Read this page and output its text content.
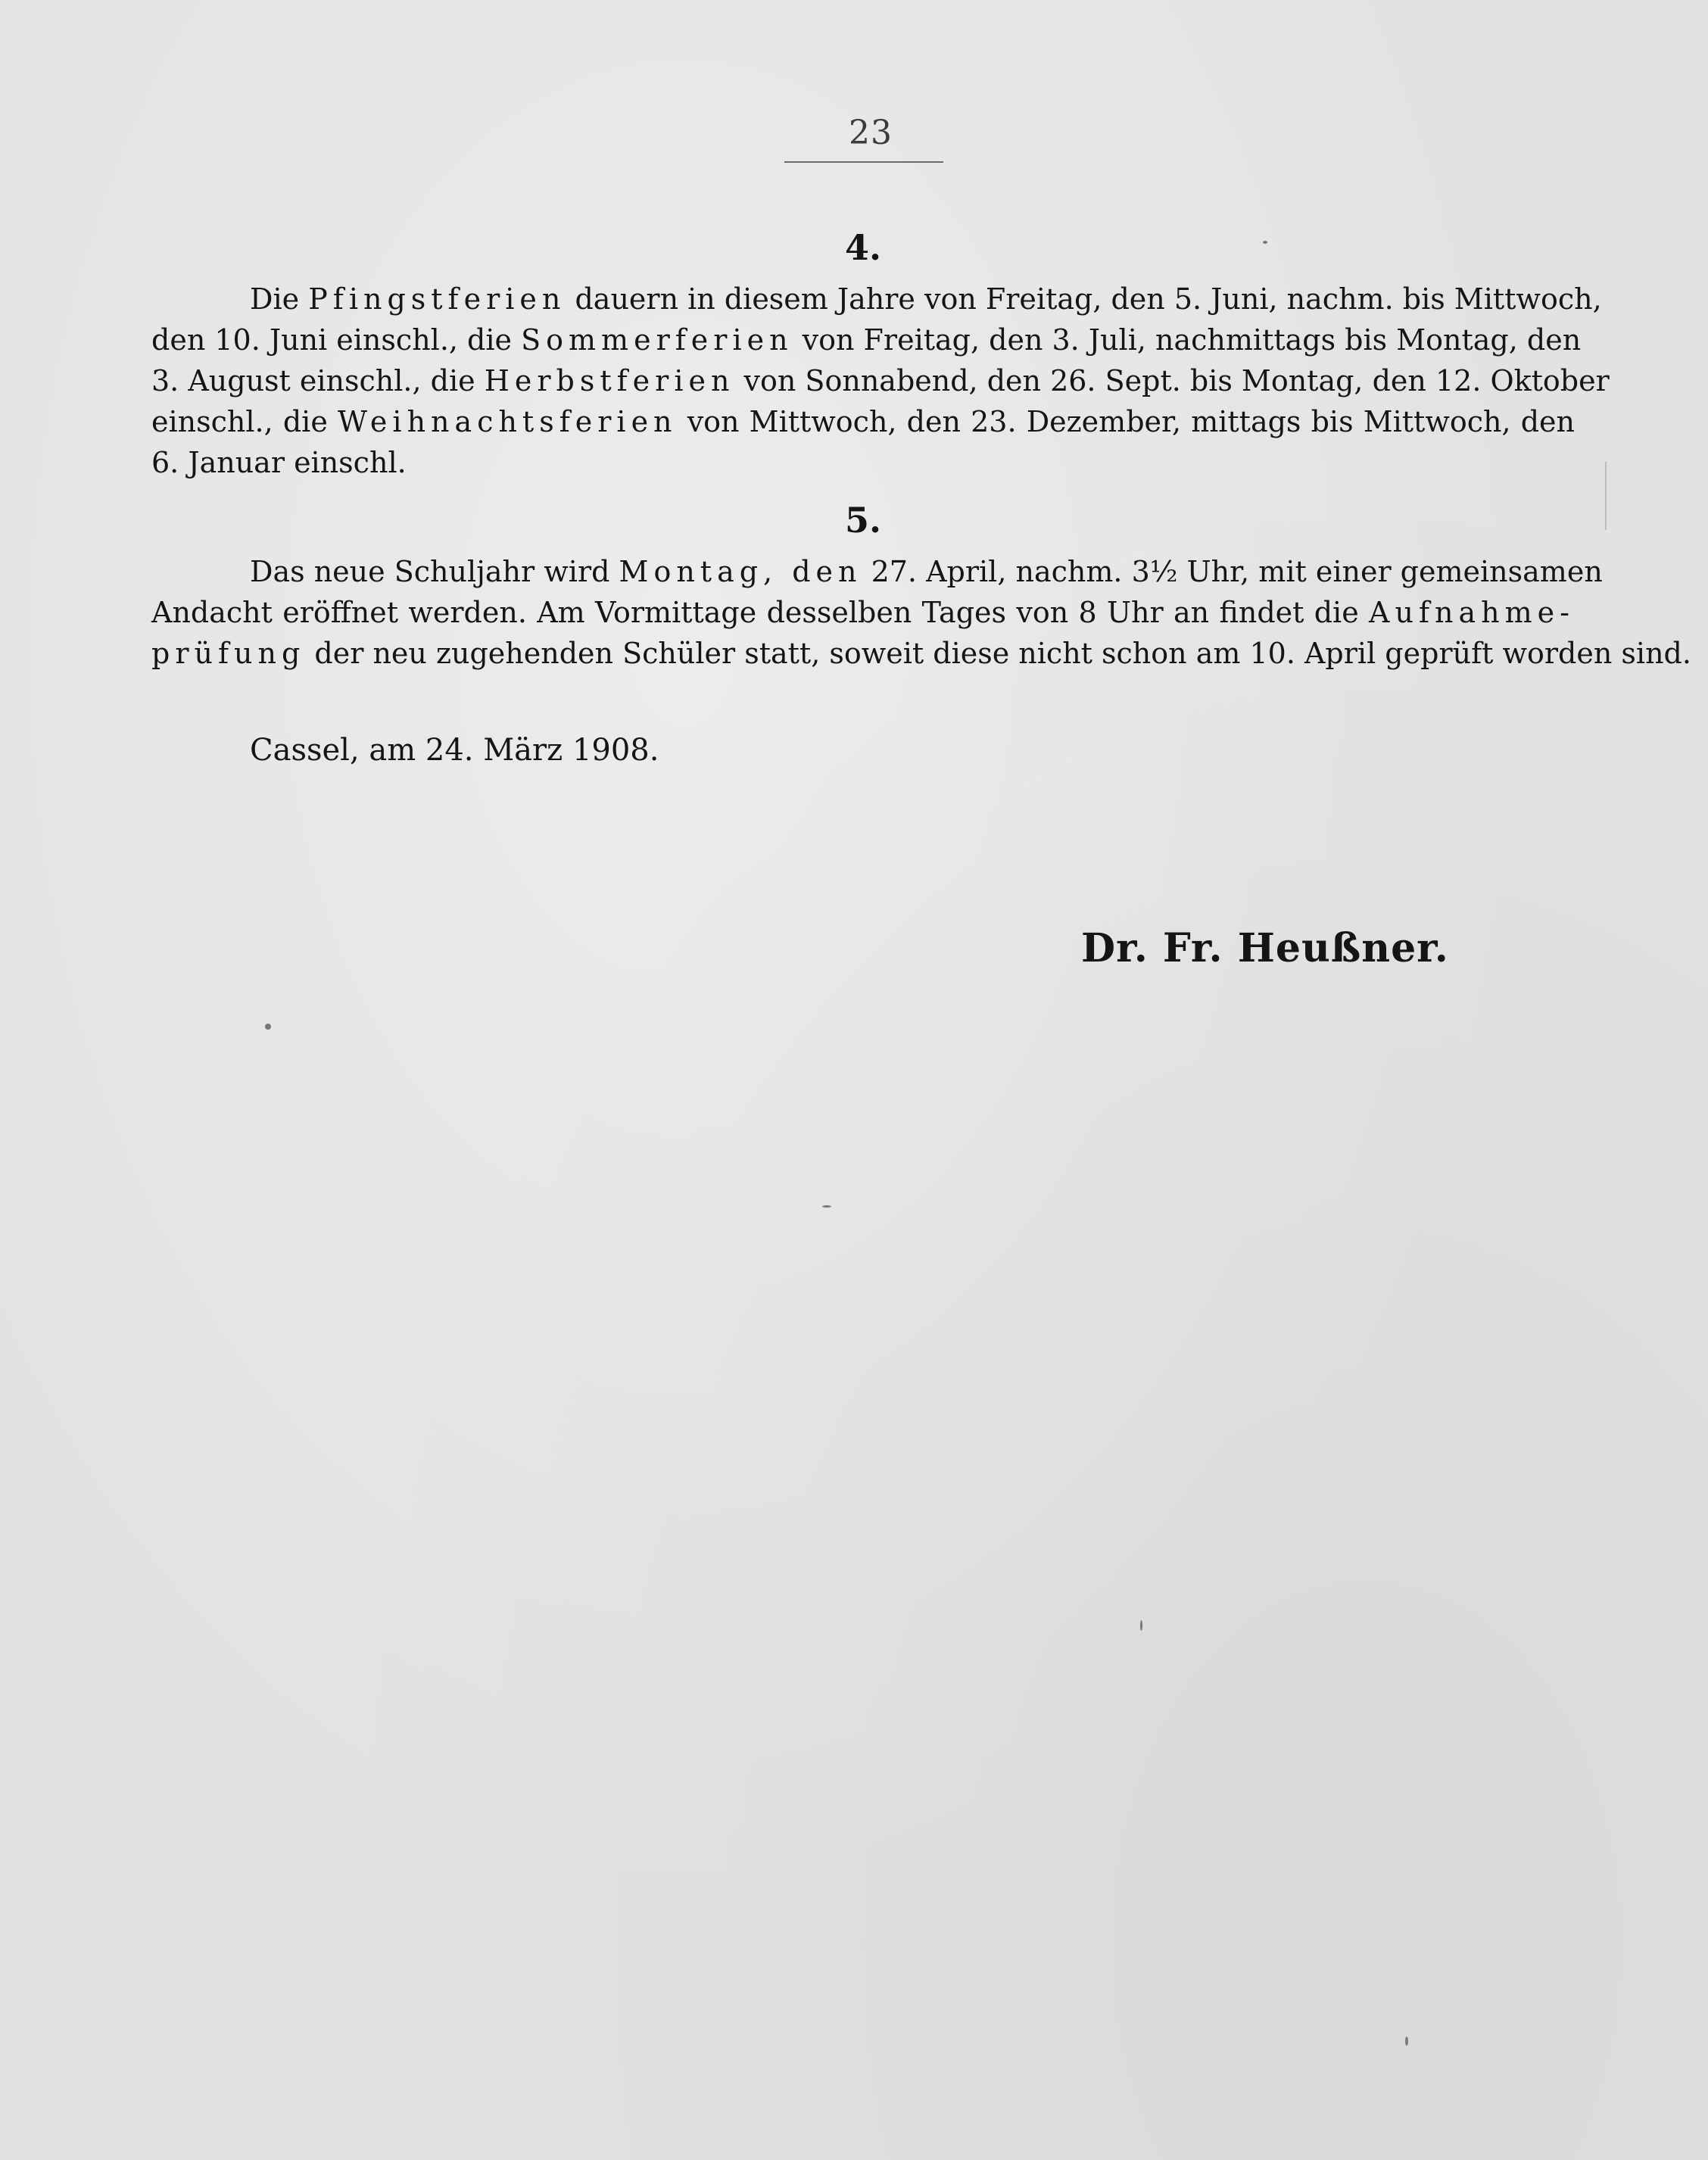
23
4.
Die Pfingstferien dauern in diesem Jahre von Freitag, den 5. Juni, nachm. bis Mittwoch,
den 10. Juni einschl., die Sommerferien von Freitag, den 3. Juli, nachmittags bis Montag, den
3. August einschl., die Herbstferien von Sonnabend, den 26. Sept. bis Montag, den 12. Oktober
einschl., die Weihnachtsferien von Mittwoch, den 23. Dezember, mittags bis Mittwoch, den
6. Januar einschl.
5.
Das neue Schuljahr wird Montag, den 27. April, nachm. 3½ Uhr, mit einer gemeinsamen
Andacht eröffnet werden. Am Vormittage desselben Tages von 8 Uhr an findet die Aufnahme-
prüfung der neu zugehenden Schüler statt, soweit diese nicht schon am 10. April geprüft worden sind.
Cassel, am 24. März 1908.
Dr. Fr. Heußner.
